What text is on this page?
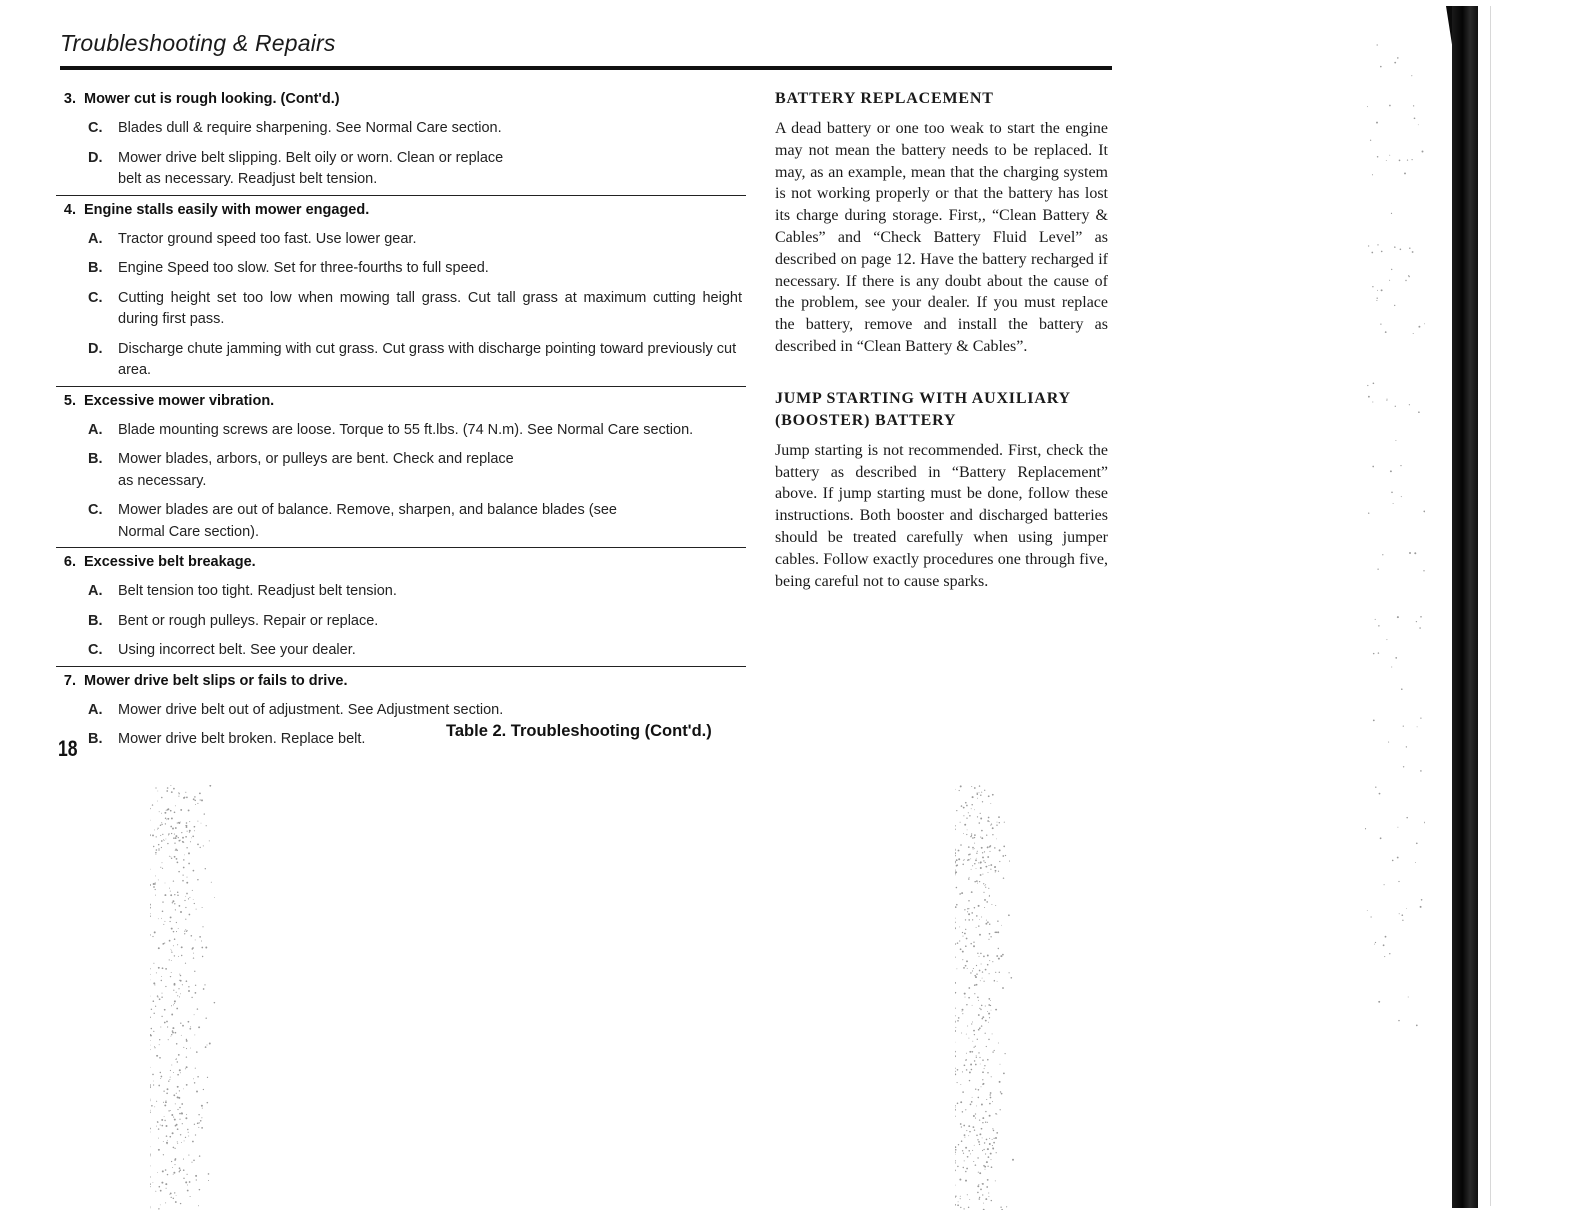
Troubleshooting & Repairs
3. Mower cut is rough looking. (Cont'd.)
C.	Blades dull & require sharpening. See Normal Care section.
D.	Mower drive belt slipping. Belt oily or worn. Clean or replace belt as necessary. Readjust belt tension.
4. Engine stalls easily with mower engaged.
A.	Tractor ground speed too fast. Use lower gear.
B.	Engine Speed too slow. Set for three-fourths to full speed.
C.	Cutting height set too low when mowing tall grass. Cut tall grass at maximum cutting height during first pass.
D.	Discharge chute jamming with cut grass. Cut grass with discharge pointing toward previously cut area.
5. Excessive mower vibration.
A.	Blade mounting screws are loose. Torque to 55 ft.lbs. (74 N.m). See Normal Care section.
B.	Mower blades, arbors, or pulleys are bent. Check and replace as necessary.
C.	Mower blades are out of balance. Remove, sharpen, and balance blades (see Normal Care section).
6. Excessive belt breakage.
A.	Belt tension too tight. Readjust belt tension.
B.	Bent or rough pulleys. Repair or replace.
C.	Using incorrect belt. See your dealer.
7. Mower drive belt slips or fails to drive.
A.	Mower drive belt out of adjustment. See Adjustment section.
B.	Mower drive belt broken. Replace belt.	Table 2. Troubleshooting (Cont'd.)
18
BATTERY REPLACEMENT

A dead battery or one too weak to start the engine may not mean the battery needs to be replaced. It may, as an example, mean that the charging system is not working properly or that the battery has lost its charge during storage. First,, “Clean Battery & Cables” and “Check Battery Fluid Level” as described on page 12. Have the battery recharged if necessary. If there is any doubt about the cause of the problem, see your dealer. If you must replace the battery, remove and install the battery as described in “Clean Battery & Cables”.

JUMP STARTING WITH AUXILIARY (BOOSTER) BATTERY

Jump starting is not recommended. First, check the battery as described in “Battery Replacement” above. If jump starting must be done, follow these instructions. Both booster and discharged batteries should be treated carefully when using jumper cables. Follow exactly procedures one through five, being careful not to cause sparks.
